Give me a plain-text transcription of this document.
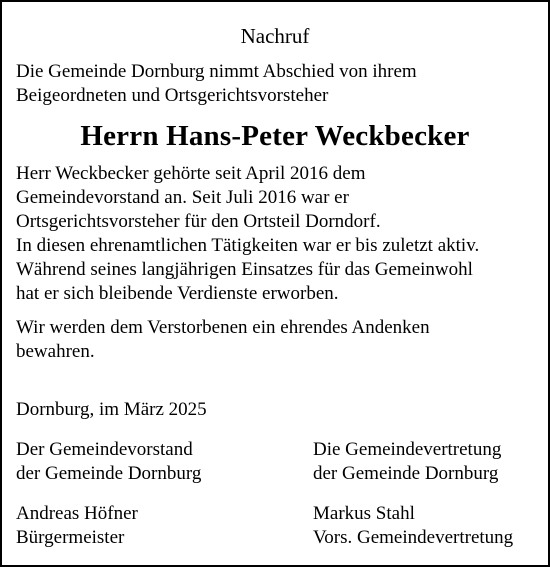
Nachruf

Die Gemeinde Dornburg nimmt Abschied von ihrem
Beigeordneten und Ortsgerichtsvorsteher

Herrn Hans-Peter Weckbecker

Herr Weckbecker gehörte seit April 2016 dem
Gemeindevorstand an. Seit Juli 2016 war er
Ortsgerichtsvorsteher für den Ortsteil Dorndorf.
In diesen ehrenamtlichen Tätigkeiten war er bis zuletzt aktiv.
Während seines langjährigen Einsatzes für das Gemeinwohl
hat er sich bleibende Verdienste erworben.

Wir werden dem Verstorbenen ein ehrendes Andenken
bewahren.

Dornburg, im März 2025
Der Gemeindevorstand
der Gemeinde Dornburg
Die Gemeindevertretung
der Gemeinde Dornburg
Andreas Höfner
Bürgermeister
Markus Stahl
Vors. Gemeindevertretung
